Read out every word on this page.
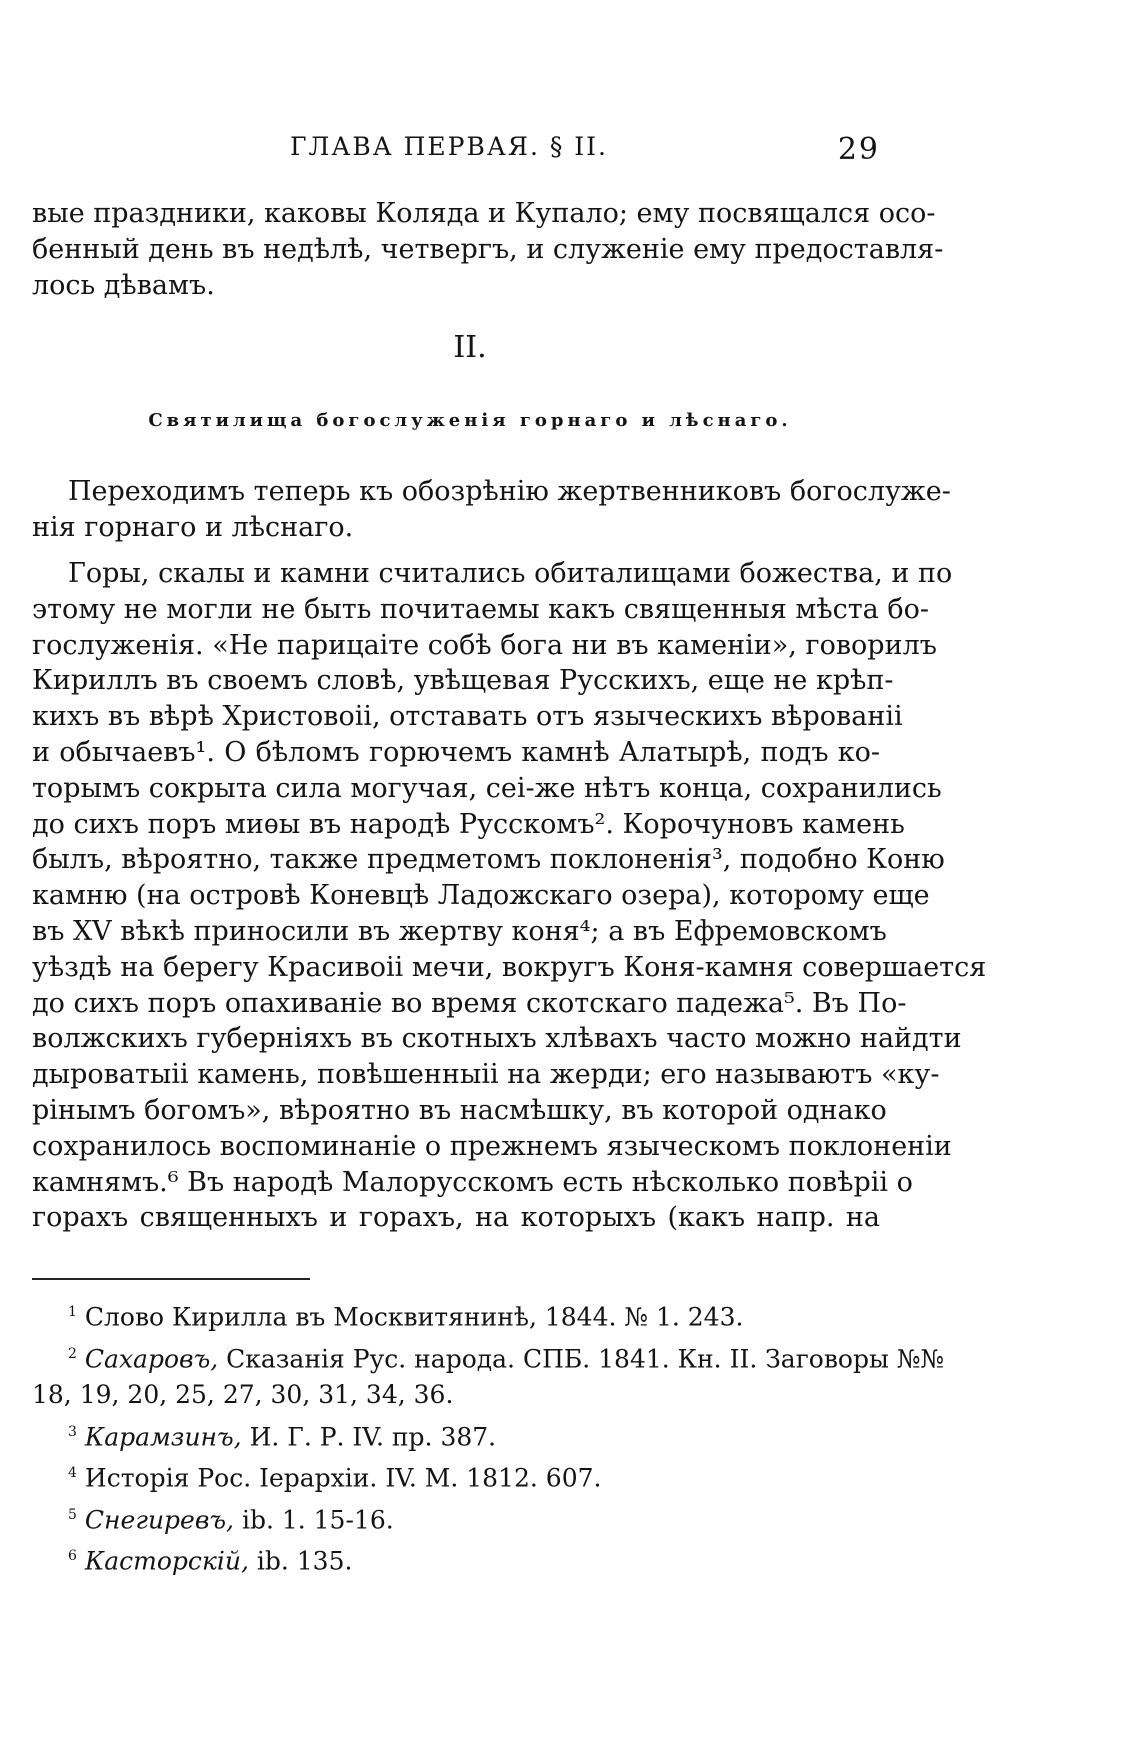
ГЛАВА ПЕРВАЯ. § II.	29
вые праздники, каковы Коляда и Купало; ему посвящался осо-
бенный день въ недѣлѣ, четвергъ, и служеніе ему предоставля-
лось дѣвамъ.
II.
Святилища богослуженія горнаго и лѣснаго.
Переходимъ теперь къ обозрѣнію жертвенниковъ богослуже-
нія горнаго и лѣснаго.
Горы, скалы и камни считались обиталищами божества, и по
этому не могли не быть почитаемы какъ священныя мѣста бо-
гослуженія. «Не парицаіте собѣ бога ни въ каменіи», говорилъ
Кириллъ въ своемъ словѣ, увѣщевая Русскихъ, еще не крѣп-
кихъ въ вѣрѣ Христовоіі, отставать отъ языческихъ вѣрованіі
и обычаевъ¹. О бѣломъ горючемъ камнѣ Алатырѣ, подъ ко-
торымъ сокрыта сила могучая, сеі-же нѣтъ конца, сохранились
до сихъ поръ миѳы въ народѣ Русскомъ². Корочуновъ камень
былъ, вѣроятно, также предметомъ поклоненія³, подобно Коню
камню (на островѣ Коневцѣ Ладожскаго озера), которому еще
въ XV вѣкѣ приносили въ жертву коня⁴; а въ Ефремовскомъ
уѣздѣ на берегу Красивоіі мечи, вокругъ Коня-камня совершается
до сихъ поръ опахиваніе во время скотскаго падежа⁵. Въ По-
волжскихъ губерніяхъ въ скотныхъ хлѣвахъ часто можно найдти
дыроватыіі камень, повѣшенныіі на жерди; его называютъ «ку-
рінымъ богомъ», вѣроятно въ насмѣшку, въ которой однако
сохранилось воспоминаніе о прежнемъ языческомъ поклоненіи
камнямъ.⁶ Въ народѣ Малорусскомъ есть нѣсколько повѣріі о
горахъ священныхъ и горахъ, на которыхъ (какъ напр. на
$^1$ Слово Кирилла въ Москвитянинѣ, 1844. № 1. 243.
$^2$ Сахаровъ, Сказанія Рус. народа. СПБ. 1841. Кн. II. Заговоры №№
18, 19, 20, 25, 27, 30, 31, 34, 36.
$^3$ Карамзинъ, И. Г. Р. IV. пр. 387.
$^4$ Исторія Рос. Іерархіи. IV. М. 1812. 607.
$^5$ Снегиревъ, ib. 1. 15-16.
$^6$ Касторскій, ib. 135.
